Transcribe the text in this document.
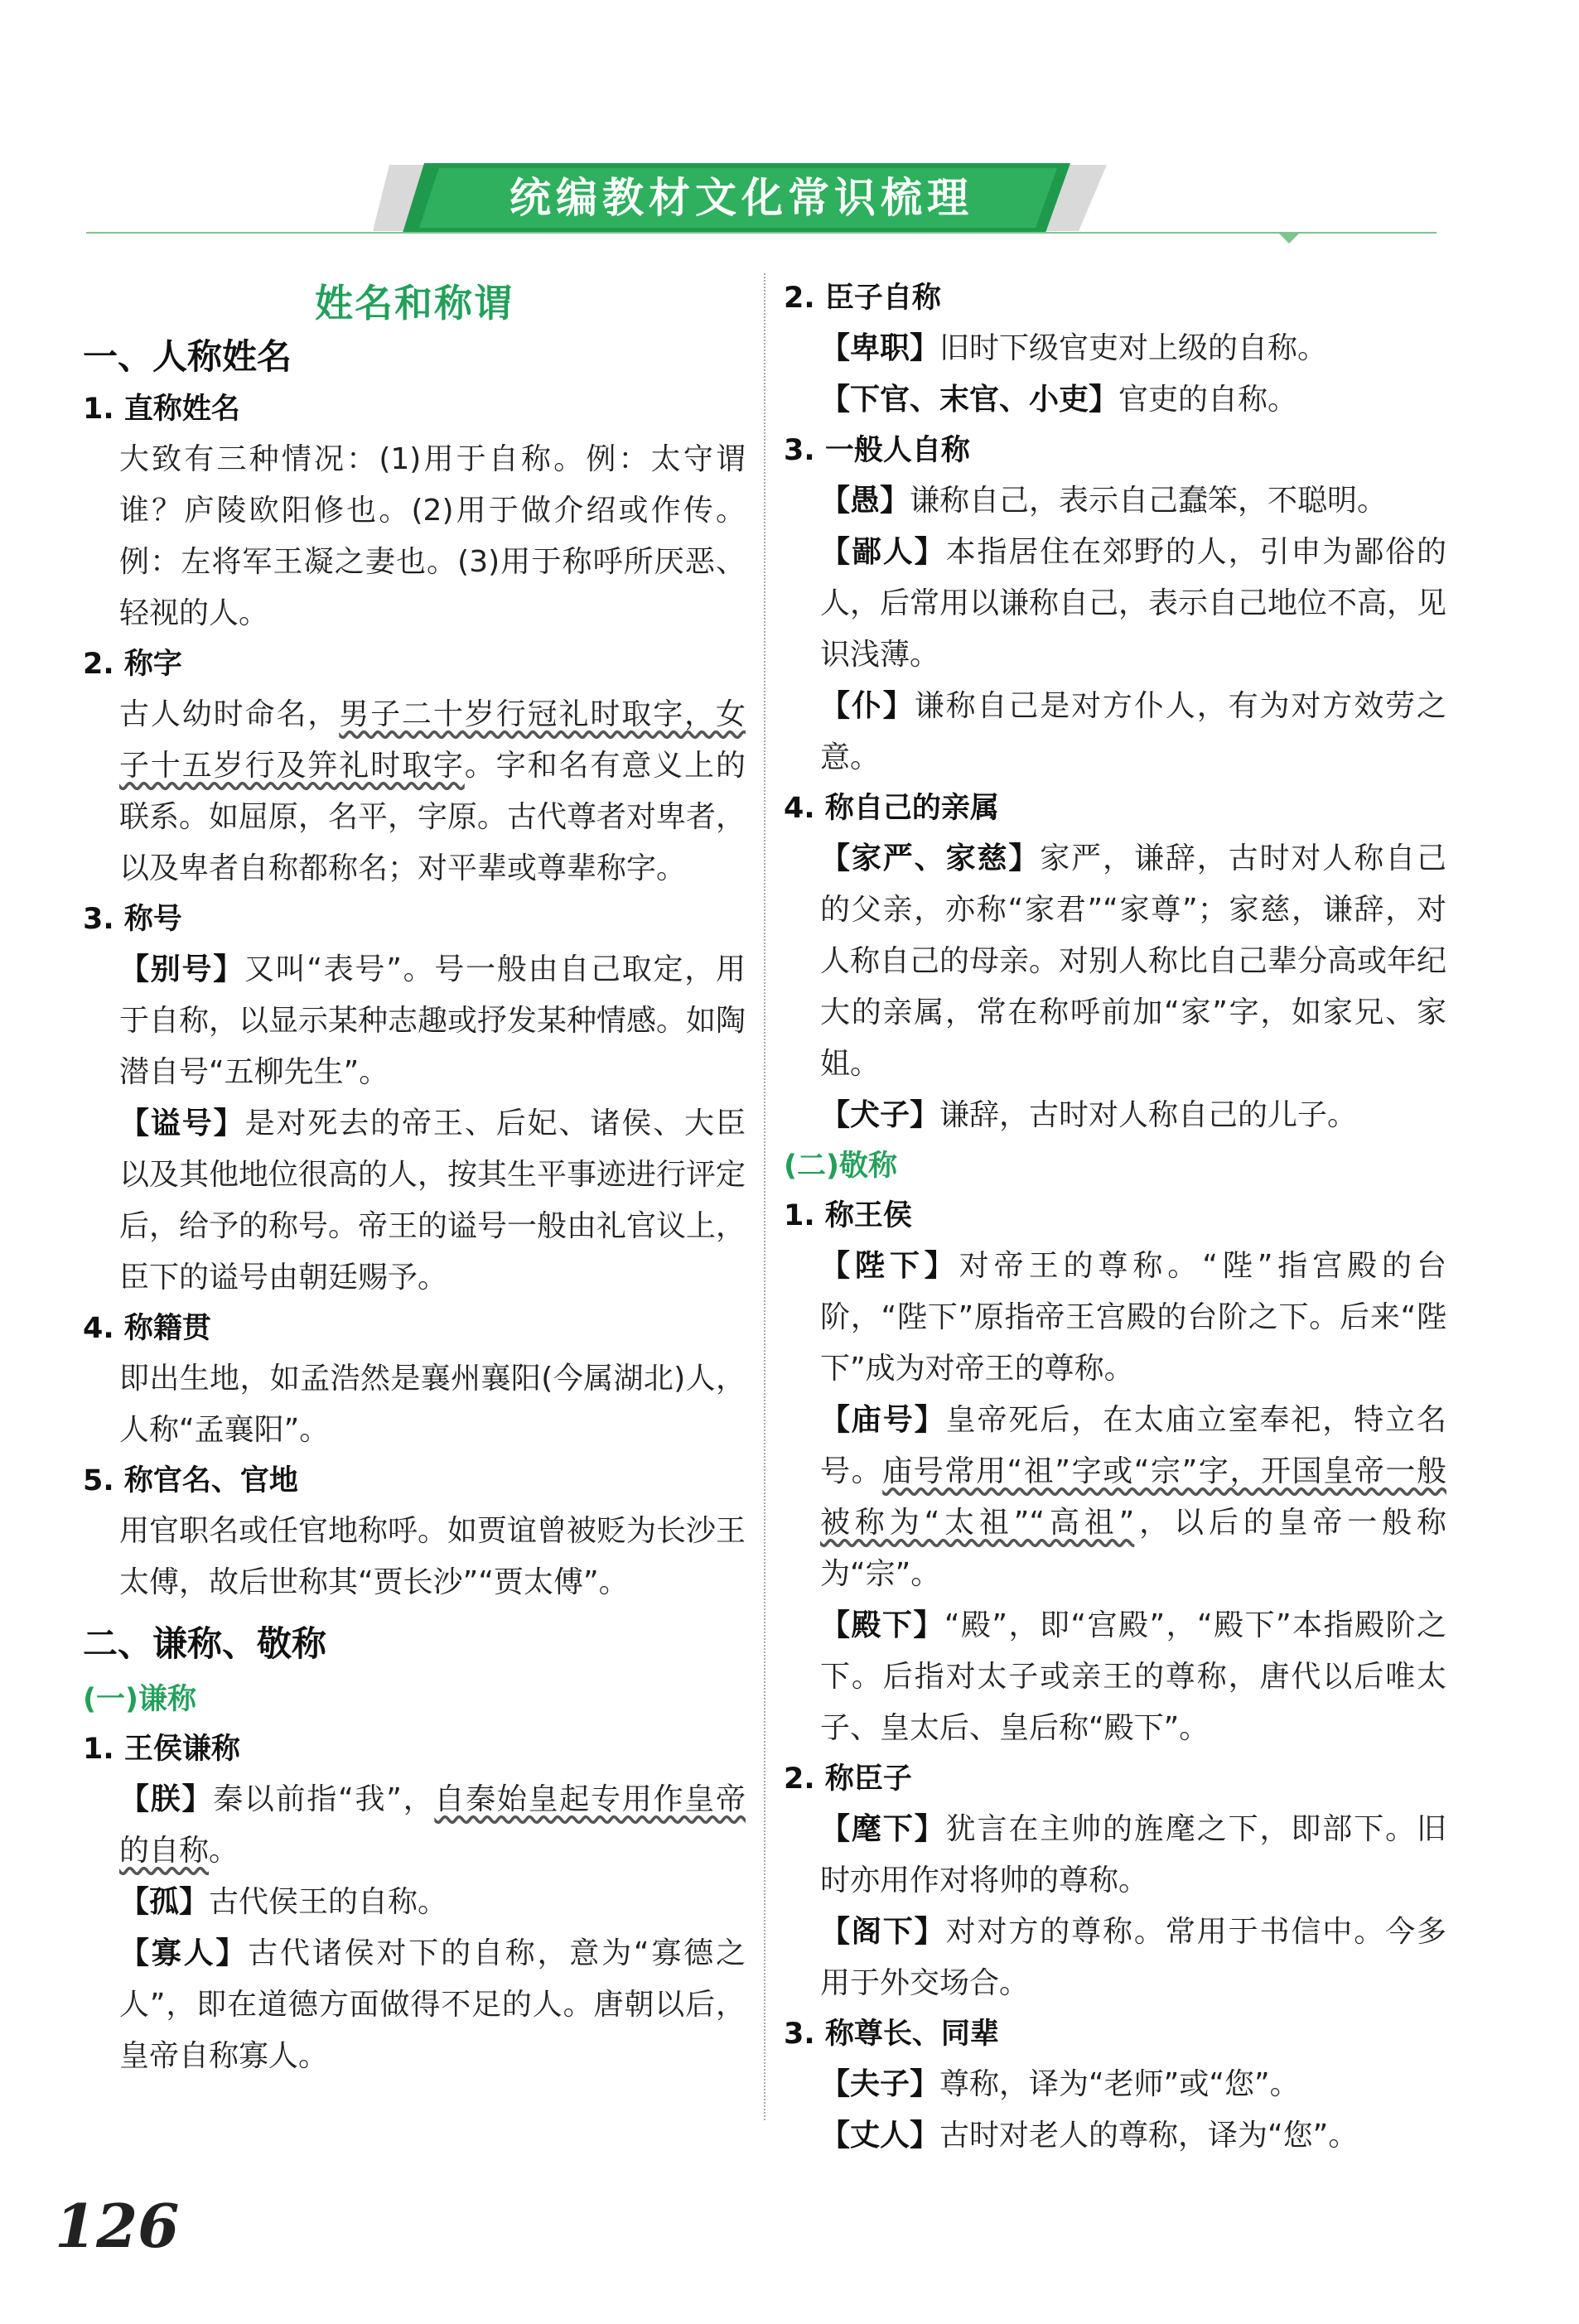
统编教材文化常识梳理
姓名和称谓
一、人称姓名
1. 直称姓名
大致有三种情况：(1)用于自称。例：太守谓谁？庐陵欧阳修也。(2)用于做介绍或作传。例：左将军王凝之妻也。(3)用于称呼所厌恶、轻视的人。
2. 称字
古人幼时命名，男子二十岁行冠礼时取字，女子十五岁行及笄礼时取字。字和名有意义上的联系。如屈原，名平，字原。古代尊者对卑者，以及卑者自称都称名；对平辈或尊辈称字。
3. 称号
【别号】又叫“表号”。号一般由自己取定，用于自称，以显示某种志趣或抒发某种情感。如陶潜自号“五柳先生”。
【谥号】是对死去的帝王、后妃、诸侯、大臣以及其他地位很高的人，按其生平事迹进行评定后，给予的称号。帝王的谥号一般由礼官议上，臣下的谥号由朝廷赐予。
4. 称籍贯
即出生地，如孟浩然是襄州襄阳(今属湖北)人，人称“孟襄阳”。
5. 称官名、官地
用官职名或任官地称呼。如贾谊曾被贬为长沙王太傅，故后世称其“贾长沙”“贾太傅”。
二、谦称、敬称
(一)谦称
1. 王侯谦称
【朕】秦以前指“我”，自秦始皇起专用作皇帝的自称。
【孤】古代侯王的自称。
【寡人】古代诸侯对下的自称，意为“寡德之人”，即在道德方面做得不足的人。唐朝以后，皇帝自称寡人。
2. 臣子自称
【卑职】旧时下级官吏对上级的自称。
【下官、末官、小吏】官吏的自称。
3. 一般人自称
【愚】谦称自己，表示自己蠢笨，不聪明。
【鄙人】本指居住在郊野的人，引申为鄙俗的人，后常用以谦称自己，表示自己地位不高，见识浅薄。
【仆】谦称自己是对方仆人，有为对方效劳之意。
4. 称自己的亲属
【家严、家慈】家严，谦辞，古时对人称自己的父亲，亦称“家君”“家尊”；家慈，谦辞，对人称自己的母亲。对别人称比自己辈分高或年纪大的亲属，常在称呼前加“家”字，如家兄、家姐。
【犬子】谦辞，古时对人称自己的儿子。
(二)敬称
1. 称王侯
【陛下】对帝王的尊称。“陛”指宫殿的台阶，“陛下”原指帝王宫殿的台阶之下。后来“陛下”成为对帝王的尊称。
【庙号】皇帝死后，在太庙立室奉祀，特立名号。庙号常用“祖”字或“宗”字，开国皇帝一般被称为“太祖”“高祖”，以后的皇帝一般称为“宗”。
【殿下】“殿”，即“宫殿”，“殿下”本指殿阶之下。后指对太子或亲王的尊称，唐代以后唯太子、皇太后、皇后称“殿下”。
2. 称臣子
【麾下】犹言在主帅的旌麾之下，即部下。旧时亦用作对将帅的尊称。
【阁下】对对方的尊称。常用于书信中。今多用于外交场合。
3. 称尊长、同辈
【夫子】尊称，译为“老师”或“您”。
【丈人】古时对老人的尊称，译为“您”。
126
